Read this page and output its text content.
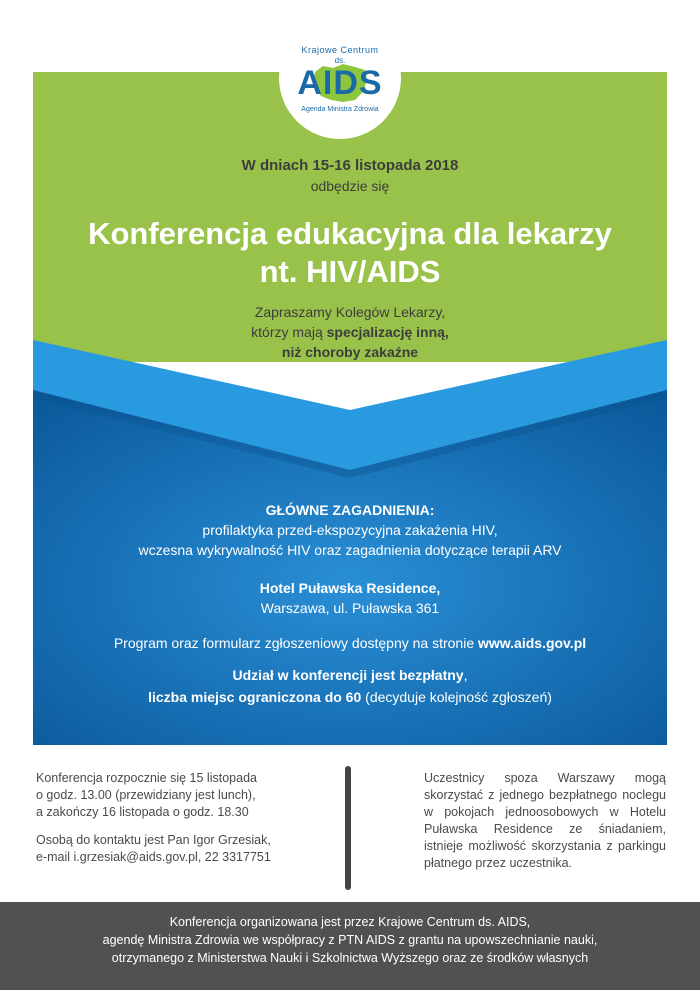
Krajowe Centrum
ds.
AIDS
Agenda Ministra Zdrowia
W dniach 15-16 listopada 2018
odbędzie się
Konferencja edukacyjna dla lekarzy
nt. HIV/AIDS
Zapraszamy Kolegów Lekarzy,
którzy mają specjalizację inną,
niż choroby zakaźne
GŁÓWNE ZAGADNIENIA:
profilaktyka przed-ekspozycyjna zakażenia HIV,
wczesna wykrywalność HIV oraz zagadnienia dotyczące terapii ARV
Hotel Puławska Residence,
Warszawa, ul. Puławska 361
Program oraz formularz zgłoszeniowy dostępny na stronie www.aids.gov.pl
Udział w konferencji jest bezpłatny,
liczba miejsc ograniczona do 60 (decyduje kolejność zgłoszeń)

Konferencja rozpocznie się 15 listopada
o godz. 13.00 (przewidziany jest lunch),
a zakończy 16 listopada o godz. 18.30

Osobą do kontaktu jest Pan Igor Grzesiak,
e-mail i.grzesiak@aids.gov.pl, 22 3317751

Uczestnicy spoza Warszawy mogą skorzystać z jednego bezpłatnego noclegu w pokojach jednoosobowych w Hotelu Puławska Residence ze śniadaniem, istnieje możliwość skorzystania z parkingu płatnego przez uczestnika.
Konferencja organizowana jest przez Krajowe Centrum ds. AIDS,
agendę Ministra Zdrowia we współpracy z PTN AIDS z grantu na upowszechnianie nauki,
otrzymanego z Ministerstwa Nauki i Szkolnictwa Wyższego oraz ze środków własnych
